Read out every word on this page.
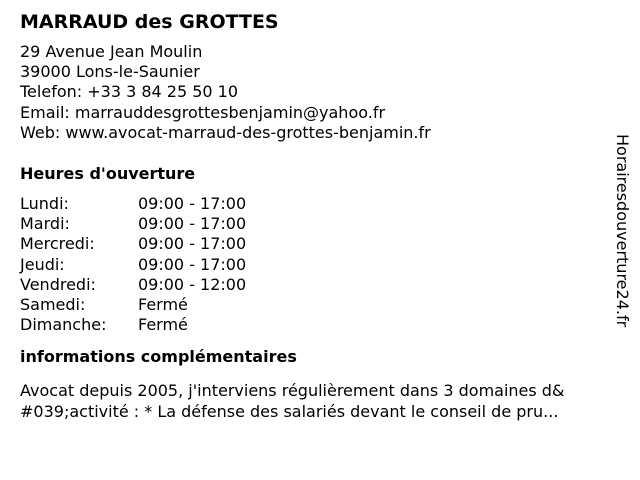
MARRAUD des GROTTES
29 Avenue Jean Moulin
39000 Lons-le-Saunier
Telefon: +33 3 84 25 50 10
Email: marrauddesgrottesbenjamin@yahoo.fr
Web: www.avocat-marraud-des-grottes-benjamin.fr
Heures d'ouverture
Lundi:	09:00 - 17:00
Mardi:	09:00 - 17:00
Mercredi:	09:00 - 17:00
Jeudi:	09:00 - 17:00
Vendredi:	09:00 - 12:00
Samedi:	Fermé
Dimanche:	Fermé
informations complémentaires
Avocat depuis 2005, j'interviens régulièrement dans 3 domaines d&
#039;activité : * La défense des salariés devant le conseil de pru...
Horairesdouverture24.fr
